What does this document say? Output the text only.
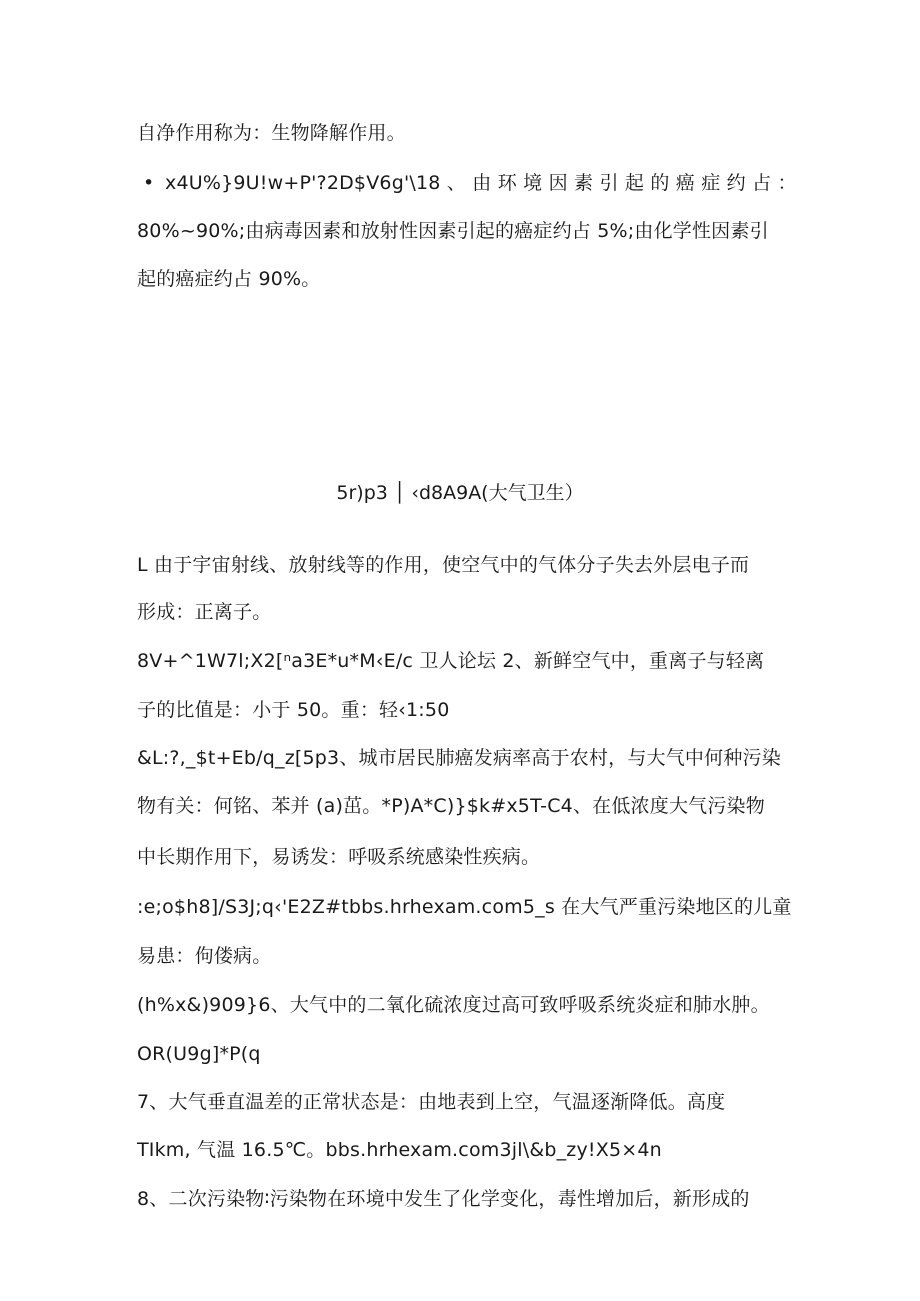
自净作用称为：生物降解作用。
• x4U%}9U!w+P'?2D$V6g'\18 、 由 环 境 因 素 引 起 的 癌 症 约 占 ：
80%~90%;由病毒因素和放射性因素引起的癌症约占 5%;由化学性因素引
起的癌症约占 90%。
5r)p3 │ ‹d8A9A(大气卫生）
L 由于宇宙射线、放射线等的作用，使空气中的气体分子失去外层电子而
形成：正离子。
8V+^1W7l;X2[ⁿa3E*u*M‹E/c 卫人论坛 2、新鲜空气中，重离子与轻离
子的比值是：小于 50。重：轻‹1:50
&L:?,_$t+Eb/q_z[5p3、城市居民肺癌发病率高于农村，与大气中何种污染
物有关：何铭、苯并 (a)茁。*P)A*C)}$k#x5T-C4、在低浓度大气污染物
中长期作用下，易诱发：呼吸系统感染性疾病。
:e;o$h8]/S3J;q‹'E2Z#tbbs.hrhexam.com5_s 在大气严重污染地区的儿童
易患：佝偻病。
(h%x&)909}6、大气中的二氧化硫浓度过高可致呼吸系统炎症和肺水肿。
OR(U9g]*P(q
7、大气垂直温差的正常状态是：由地表到上空，气温逐渐降低。高度
TIkm, 气温 16.5℃。bbs.hrhexam.com3jl\&b_zy!X5×4n
8、二次污染物∶污染物在环境中发生了化学变化，毒性增加后，新形成的
